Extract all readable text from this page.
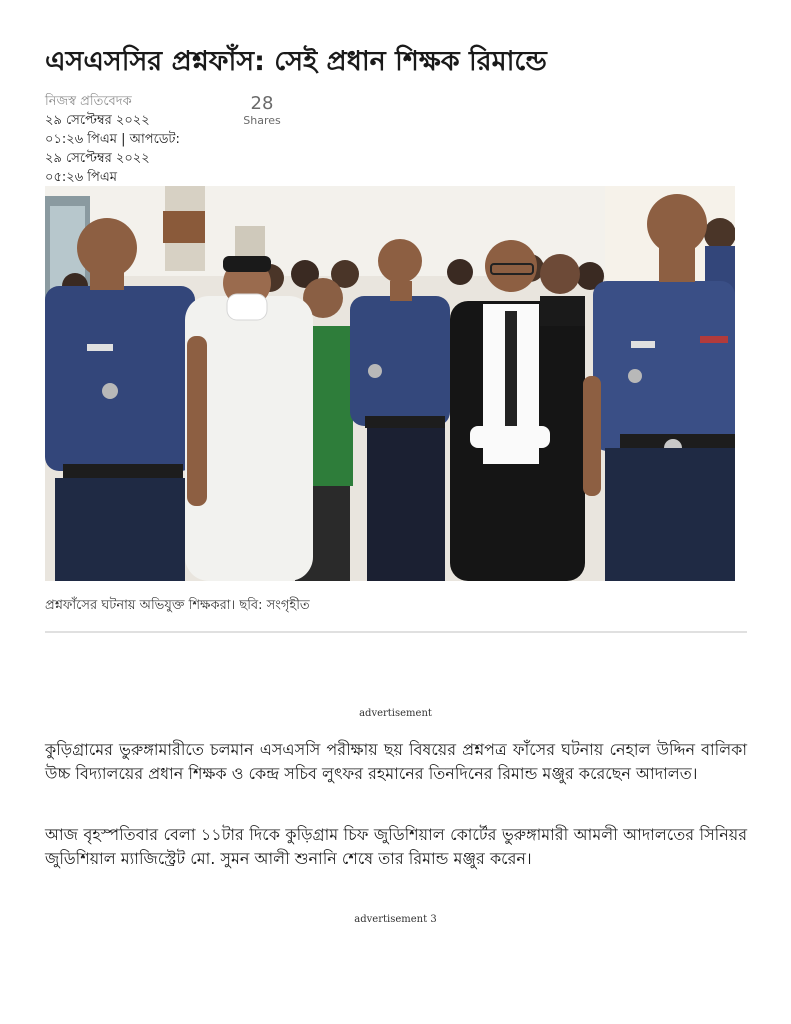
এসএসসির প্রশ্নফাঁস: সেই প্রধান শিক্ষক রিমান্ডে
নিজস্ব প্রতিবেদক
২৯ সেপ্টেম্বর ২০২২
০১:২৬ পিএম | আপডেট:
২৯ সেপ্টেম্বর ২০২২
০৫:২৬ পিএম
28
Shares
প্রশ্নফাঁসের ঘটনায় অভিযুক্ত শিক্ষকরা। ছবি: সংগৃহীত
advertisement

কুড়িগ্রামের ভুরুঙ্গামারীতে চলমান এসএসসি পরীক্ষায় ছয় বিষয়ের প্রশ্নপত্র ফাঁসের ঘটনায় নেহাল উদ্দিন বালিকা উচ্চ বিদ্যালয়ের প্রধান শিক্ষক ও কেন্দ্র সচিব লুৎফর রহমানের তিনদিনের রিমান্ড মঞ্জুর করেছেন আদালত।

আজ বৃহস্পতিবার বেলা ১১টার দিকে কুড়িগ্রাম চিফ জুডিশিয়াল কোর্টের ভুরুঙ্গামারী আমলী আদালতের সিনিয়র জুডিশিয়াল ম্যাজিস্ট্রেট মো. সুমন আলী শুনানি শেষে তার রিমান্ড মঞ্জুর করেন।

advertisement 3
